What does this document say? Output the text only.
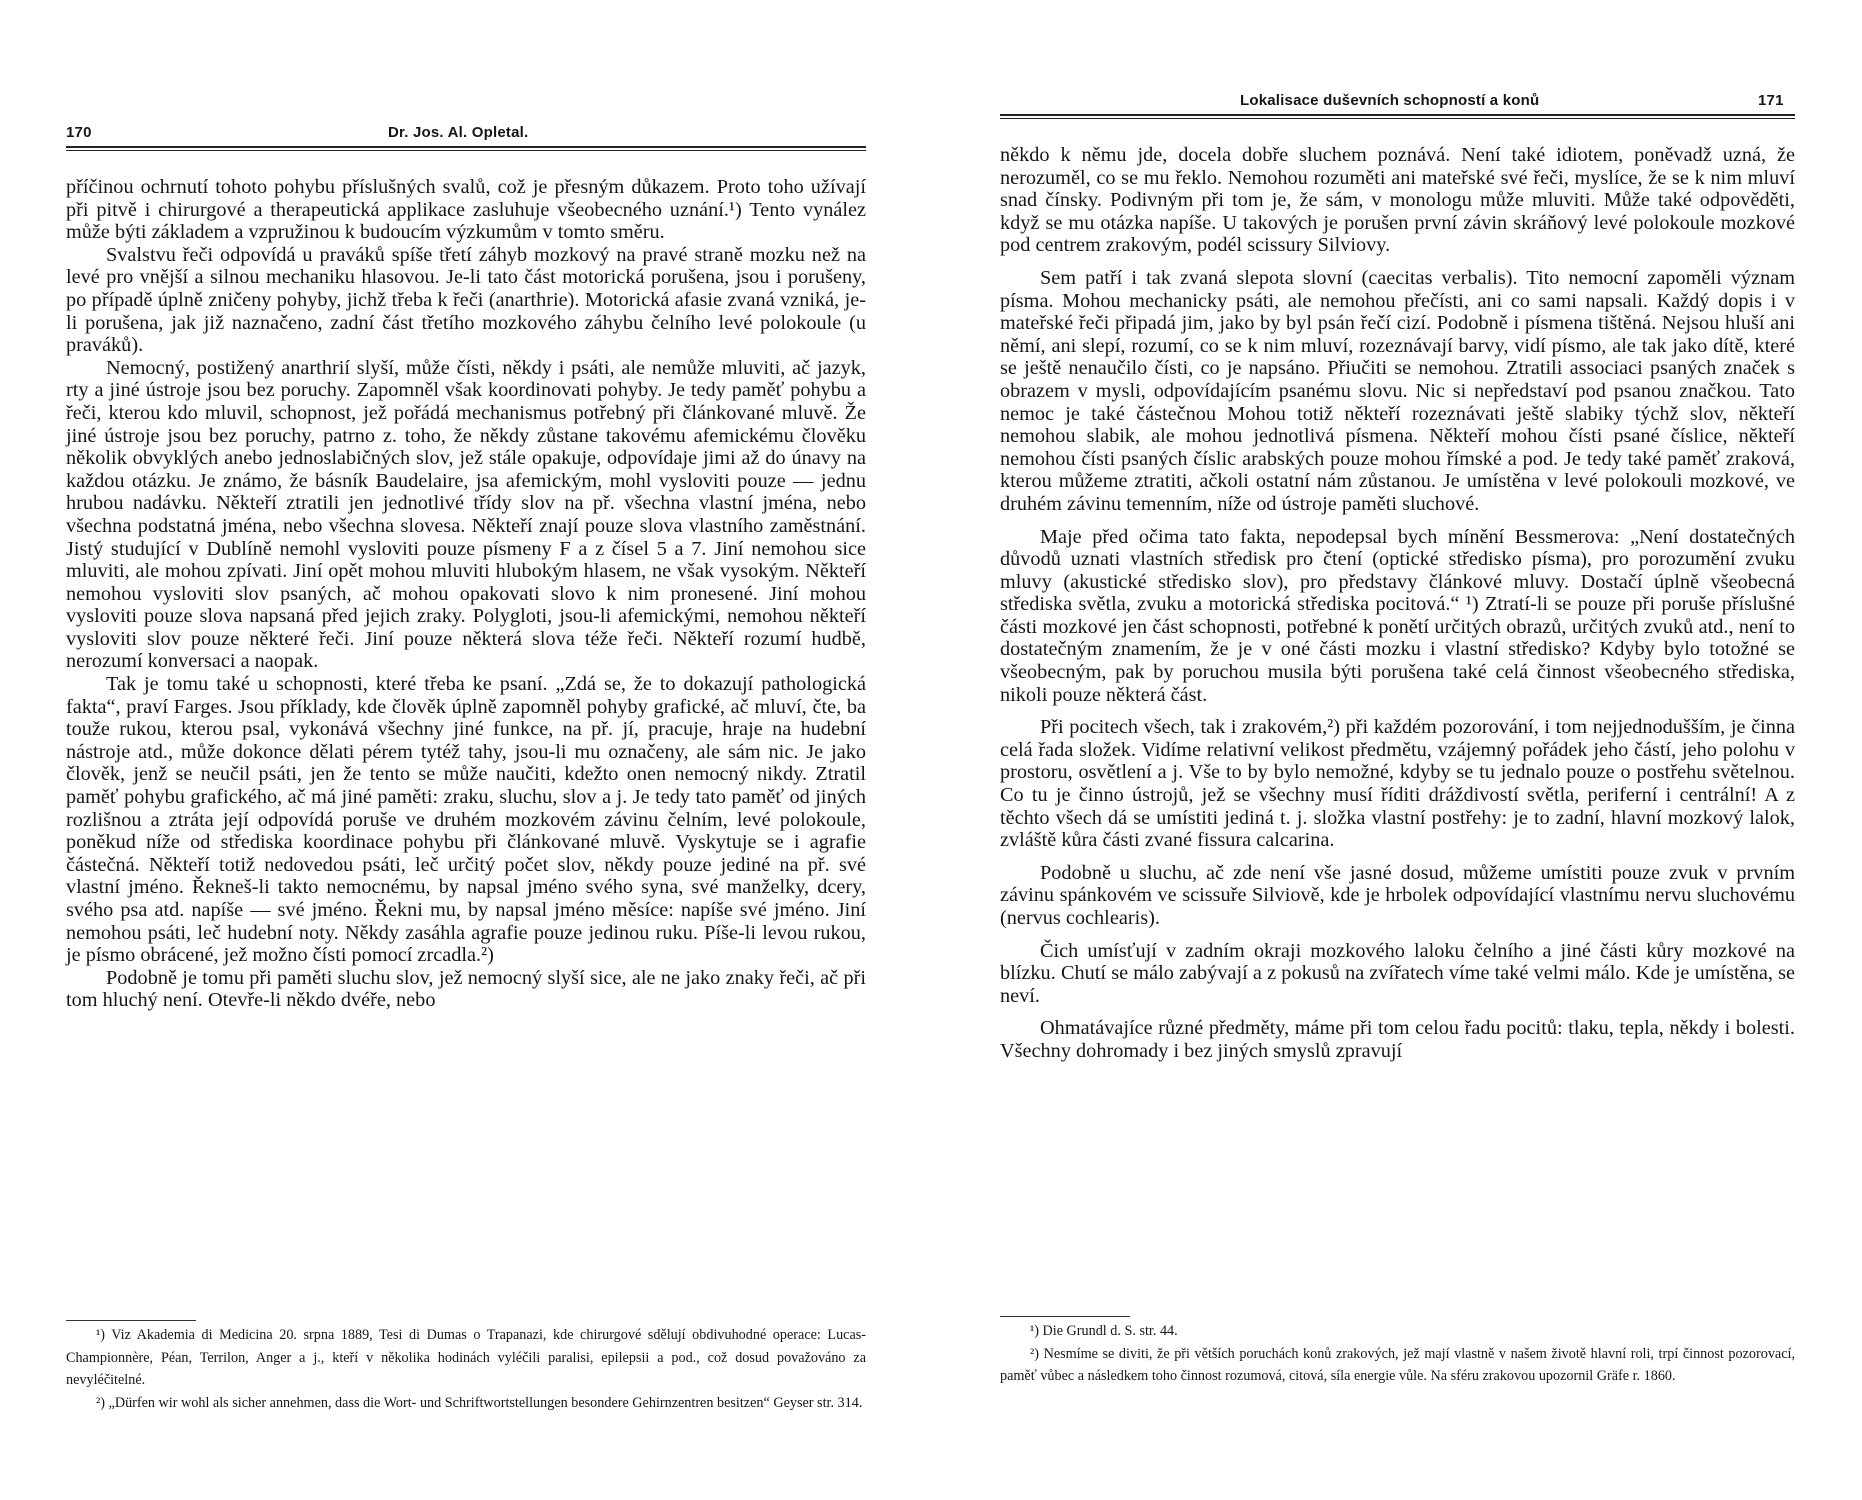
170	Dr. Jos. Al. Opletal.

příčinou ochrnutí tohoto pohybu příslušných svalů, což je přesným důkazem. Proto toho užívají při pitvě i chirurgové a therapeutická applikace zasluhuje všeobecného uznání.¹) Tento vynález může býti základem a vzpružinou k budoucím výzkumům v tomto směru.

Svalstvu řeči odpovídá u praváků spíše třetí záhyb mozkový na pravé straně mozku než na levé pro vnější a silnou mechaniku hlasovou. Je-li tato část motorická porušena, jsou i porušeny, po případě úplně zničeny pohyby, jichž třeba k řeči (anarthrie). Motorická afasie zvaná vzniká, je-li porušena, jak již naznačeno, zadní část třetího mozkového záhybu čelního levé polokoule (u praváků).

Nemocný, postižený anarthrií slyší, může čísti, někdy i psáti, ale nemůže mluviti, ač jazyk, rty a jiné ústroje jsou bez poruchy. Zapomněl však koordinovati pohyby. Je tedy paměť pohybu a řeči, kterou kdo mluvil, schopnost, jež pořádá mechanismus potřebný při článkované mluvě. Že jiné ústroje jsou bez poruchy, patrno z. toho, že někdy zůstane takovému afemickému člověku několik obvyklých anebo jednoslabičných slov, jež stále opakuje, odpovídaje jimi až do únavy na každou otázku. Je známo, že básník Baudelaire, jsa afemickým, mohl vysloviti pouze — jednu hrubou nadávku. Někteří ztratili jen jednotlivé třídy slov na př. všechna vlastní jména, nebo všechna podstatná jména, nebo všechna slovesa. Někteří znají pouze slova vlastního zaměstnání. Jistý studující v Dublíně nemohl vysloviti pouze písmeny F a z čísel 5 a 7. Jiní nemohou sice mluviti, ale mohou zpívati. Jiní opět mohou mluviti hlubokým hlasem, ne však vysokým. Někteří nemohou vysloviti slov psaných, ač mohou opakovati slovo k nim pronesené. Jiní mohou vysloviti pouze slova napsaná před jejich zraky. Polygloti, jsou-li afemickými, nemohou někteří vysloviti slov pouze některé řeči. Jiní pouze některá slova téže řeči. Někteří rozumí hudbě, nerozumí konversaci a naopak.

Tak je tomu také u schopnosti, které třeba ke psaní. „Zdá se, že to dokazují pathologická fakta“, praví Farges. Jsou příklady, kde člověk úplně zapomněl pohyby grafické, ač mluví, čte, ba touže rukou, kterou psal, vykonává všechny jiné funkce, na př. jí, pracuje, hraje na hudební nástroje atd., může dokonce dělati pérem tytéž tahy, jsou-li mu označeny, ale sám nic. Je jako člověk, jenž se neučil psáti, jen že tento se může naučiti, kdežto onen nemocný nikdy. Ztratil paměť pohybu grafického, ač má jiné paměti: zraku, sluchu, slov a j. Je tedy tato paměť od jiných rozlišnou a ztráta její odpovídá poruše ve druhém mozkovém závinu čelním, levé polokoule, poněkud níže od střediska koordinace pohybu při článkované mluvě. Vyskytuje se i agrafie částečná. Někteří totiž nedovedou psáti, leč určitý počet slov, někdy pouze jediné na př. své vlastní jméno. Řekneš-li takto nemocnému, by napsal jméno svého syna, své manželky, dcery, svého psa atd. napíše — své jméno. Řekni mu, by napsal jméno měsíce: napíše své jméno. Jiní nemohou psáti, leč hudební noty. Někdy zasáhla agrafie pouze jedinou ruku. Píše-li levou rukou, je písmo obrácené, jež možno čísti pomocí zrcadla.²)

Podobně je tomu při paměti sluchu slov, jež nemocný slyší sice, ale ne jako znaky řeči, ač při tom hluchý není. Otevře-li někdo dvéře, nebo

¹) Viz Akademia di Medicina 20. srpna 1889, Tesi di Dumas o Trapanazi, kde chirurgové sdělují obdivuhodné operace: Lucas-Championnère, Péan, Terrilon, Anger a j., kteří v několika hodinách vyléčili paralisi, epilepsii a pod., což dosud považováno za nevyléčitelné.

²) „Dürfen wir wohl als sicher annehmen, dass die Wort- und Schriftwortstellungen besondere Gehirnzentren besitzen“ Geyser str. 314.

Lokalisace duševních schopností a konů	171

někdo k němu jde, docela dobře sluchem poznává. Není také idiotem, poněvadž uzná, že nerozuměl, co se mu řeklo. Nemohou rozuměti ani mateřské své řeči, myslíce, že se k nim mluví snad čínsky. Podivným při tom je, že sám, v monologu může mluviti. Může také odpověděti, když se mu otázka napíše. U takových je porušen první závin skráňový levé polokoule mozkové pod centrem zrakovým, podél scissury Silviovy.

Sem patří i tak zvaná slepota slovní (caecitas verbalis). Tito nemocní zapoměli význam písma. Mohou mechanicky psáti, ale nemohou přečísti, ani co sami napsali. Každý dopis i v mateřské řeči připadá jim, jako by byl psán řečí cizí. Podobně i písmena tištěná. Nejsou hluší ani němí, ani slepí, rozumí, co se k nim mluví, rozeznávají barvy, vidí písmo, ale tak jako dítě, které se ještě nenaučilo čísti, co je napsáno. Přiučiti se nemohou. Ztratili associaci psaných značek s obrazem v mysli, odpovídajícím psanému slovu. Nic si nepředstaví pod psanou značkou. Tato nemoc je také částečnou Mohou totiž někteří rozeznávati ještě slabiky týchž slov, někteří nemohou slabik, ale mohou jednotlivá písmena. Někteří mohou čísti psané číslice, někteří nemohou čísti psaných číslic arabských pouze mohou římské a pod. Je tedy také paměť zraková, kterou můžeme ztratiti, ačkoli ostatní nám zůstanou. Je umístěna v levé polokouli mozkové, ve druhém závinu temenním, níže od ústroje paměti sluchové.

Maje před očima tato fakta, nepodepsal bych mínění Bessmerova: „Není dostatečných důvodů uznati vlastních středisk pro čtení (optické středisko písma), pro porozumění zvuku mluvy (akustické středisko slov), pro představy článkové mluvy. Dostačí úplně všeobecná střediska světla, zvuku a motorická střediska pocitová.“ ¹) Ztratí-li se pouze při poruše příslušné části mozkové jen část schopnosti, potřebné k ponětí určitých obrazů, určitých zvuků atd., není to dostatečným znamením, že je v oné části mozku i vlastní středisko? Kdyby bylo totožné se všeobecným, pak by poruchou musila býti porušena také celá činnost všeobecného střediska, nikoli pouze některá část.

Při pocitech všech, tak i zrakovém,²) při každém pozorování, i tom nejjednodušším, je činna celá řada složek. Vidíme relativní velikost předmětu, vzájemný pořádek jeho částí, jeho polohu v prostoru, osvětlení a j. Vše to by bylo nemožné, kdyby se tu jednalo pouze o postřehu světelnou. Co tu je činno ústrojů, jež se všechny musí říditi dráždivostí světla, periferní i centrální! A z těchto všech dá se umístiti jediná t. j. složka vlastní postřehy: je to zadní, hlavní mozkový lalok, zvláště kůra části zvané fissura calcarina.

Podobně u sluchu, ač zde není vše jasné dosud, můžeme umístiti pouze zvuk v prvním závinu spánkovém ve scissuře Silviově, kde je hrbolek odpovídající vlastnímu nervu sluchovému (nervus cochlearis).

Čich umísťují v zadním okraji mozkového laloku čelního a jiné části kůry mozkové na blízku. Chutí se málo zabývají a z pokusů na zvířatech víme také velmi málo. Kde je umístěna, se neví.

Ohmatávajíce různé předměty, máme při tom celou řadu pocitů: tlaku, tepla, někdy i bolesti. Všechny dohromady i bez jiných smyslů zpravují

¹) Die Grundl d. S. str. 44.

²) Nesmíme se diviti, že při větších poruchách konů zrakových, jež mají vlastně v našem životě hlavní roli, trpí činnost pozorovací, paměť vůbec a následkem toho činnost rozumová, citová, síla energie vůle. Na sféru zrakovou upozornil Gräfe r. 1860.
